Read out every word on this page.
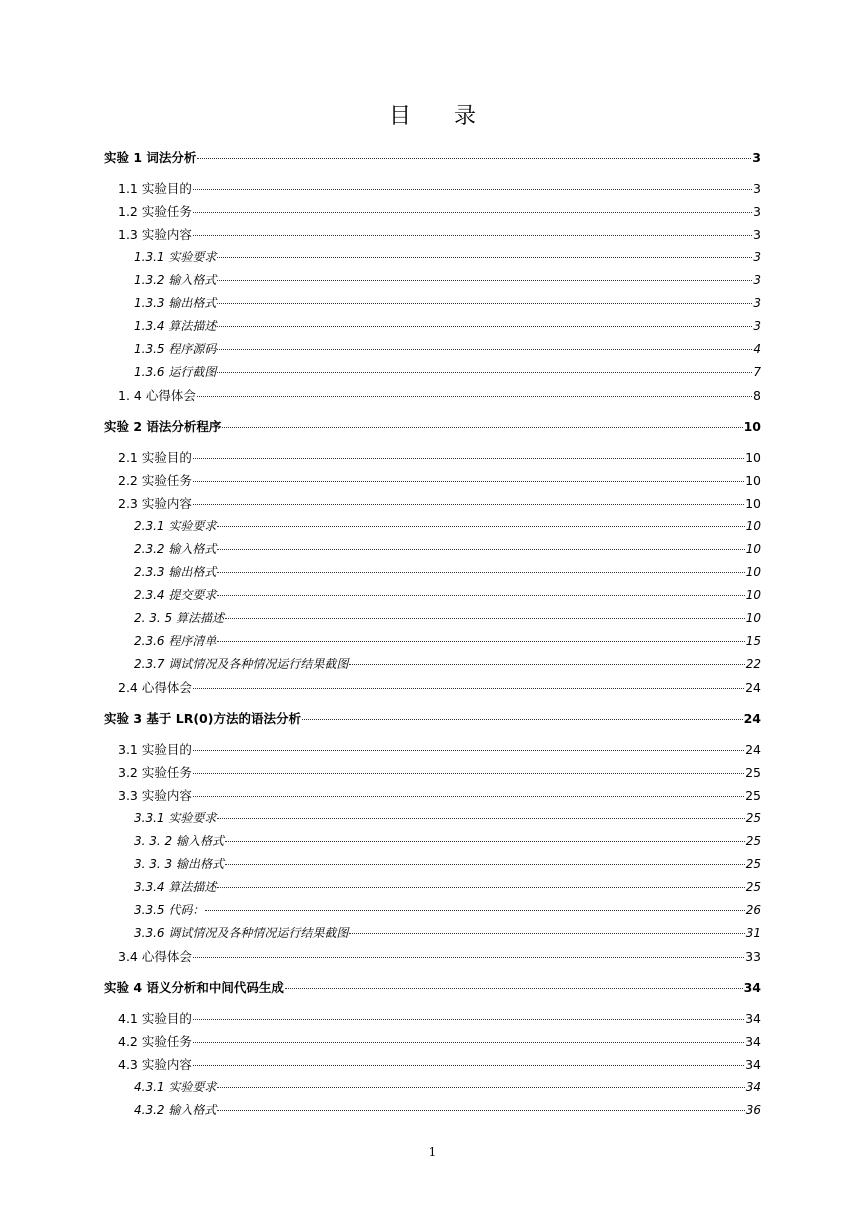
目 录
实验 1 词法分析	3
1.1 实验目的	3
1.2 实验任务	3
1.3 实验内容	3
1.3.1 实验要求	3
1.3.2 输入格式	3
1.3.3 输出格式	3
1.3.4 算法描述	3
1.3.5 程序源码	4
1.3.6 运行截图	7
1. 4 心得体会	8
实验 2 语法分析程序	10
2.1 实验目的	10
2.2 实验任务	10
2.3 实验内容	10
2.3.1 实验要求	10
2.3.2 输入格式	10
2.3.3 输出格式	10
2.3.4 提交要求	10
2. 3. 5 算法描述	10
2.3.6 程序清单	15
2.3.7 调试情况及各种情况运行结果截图	22
2.4 心得体会	24
实验 3 基于 LR(0)方法的语法分析	24
3.1 实验目的	24
3.2 实验任务	25
3.3 实验内容	25
3.3.1 实验要求	25
3. 3. 2 输入格式	25
3. 3. 3 输出格式	25
3.3.4 算法描述	25
3.3.5 代码：	26
3.3.6 调试情况及各种情况运行结果截图	31
3.4 心得体会	33
实验 4 语义分析和中间代码生成	34
4.1 实验目的	34
4.2 实验任务	34
4.3 实验内容	34
4.3.1 实验要求	34
4.3.2 输入格式	36
1
